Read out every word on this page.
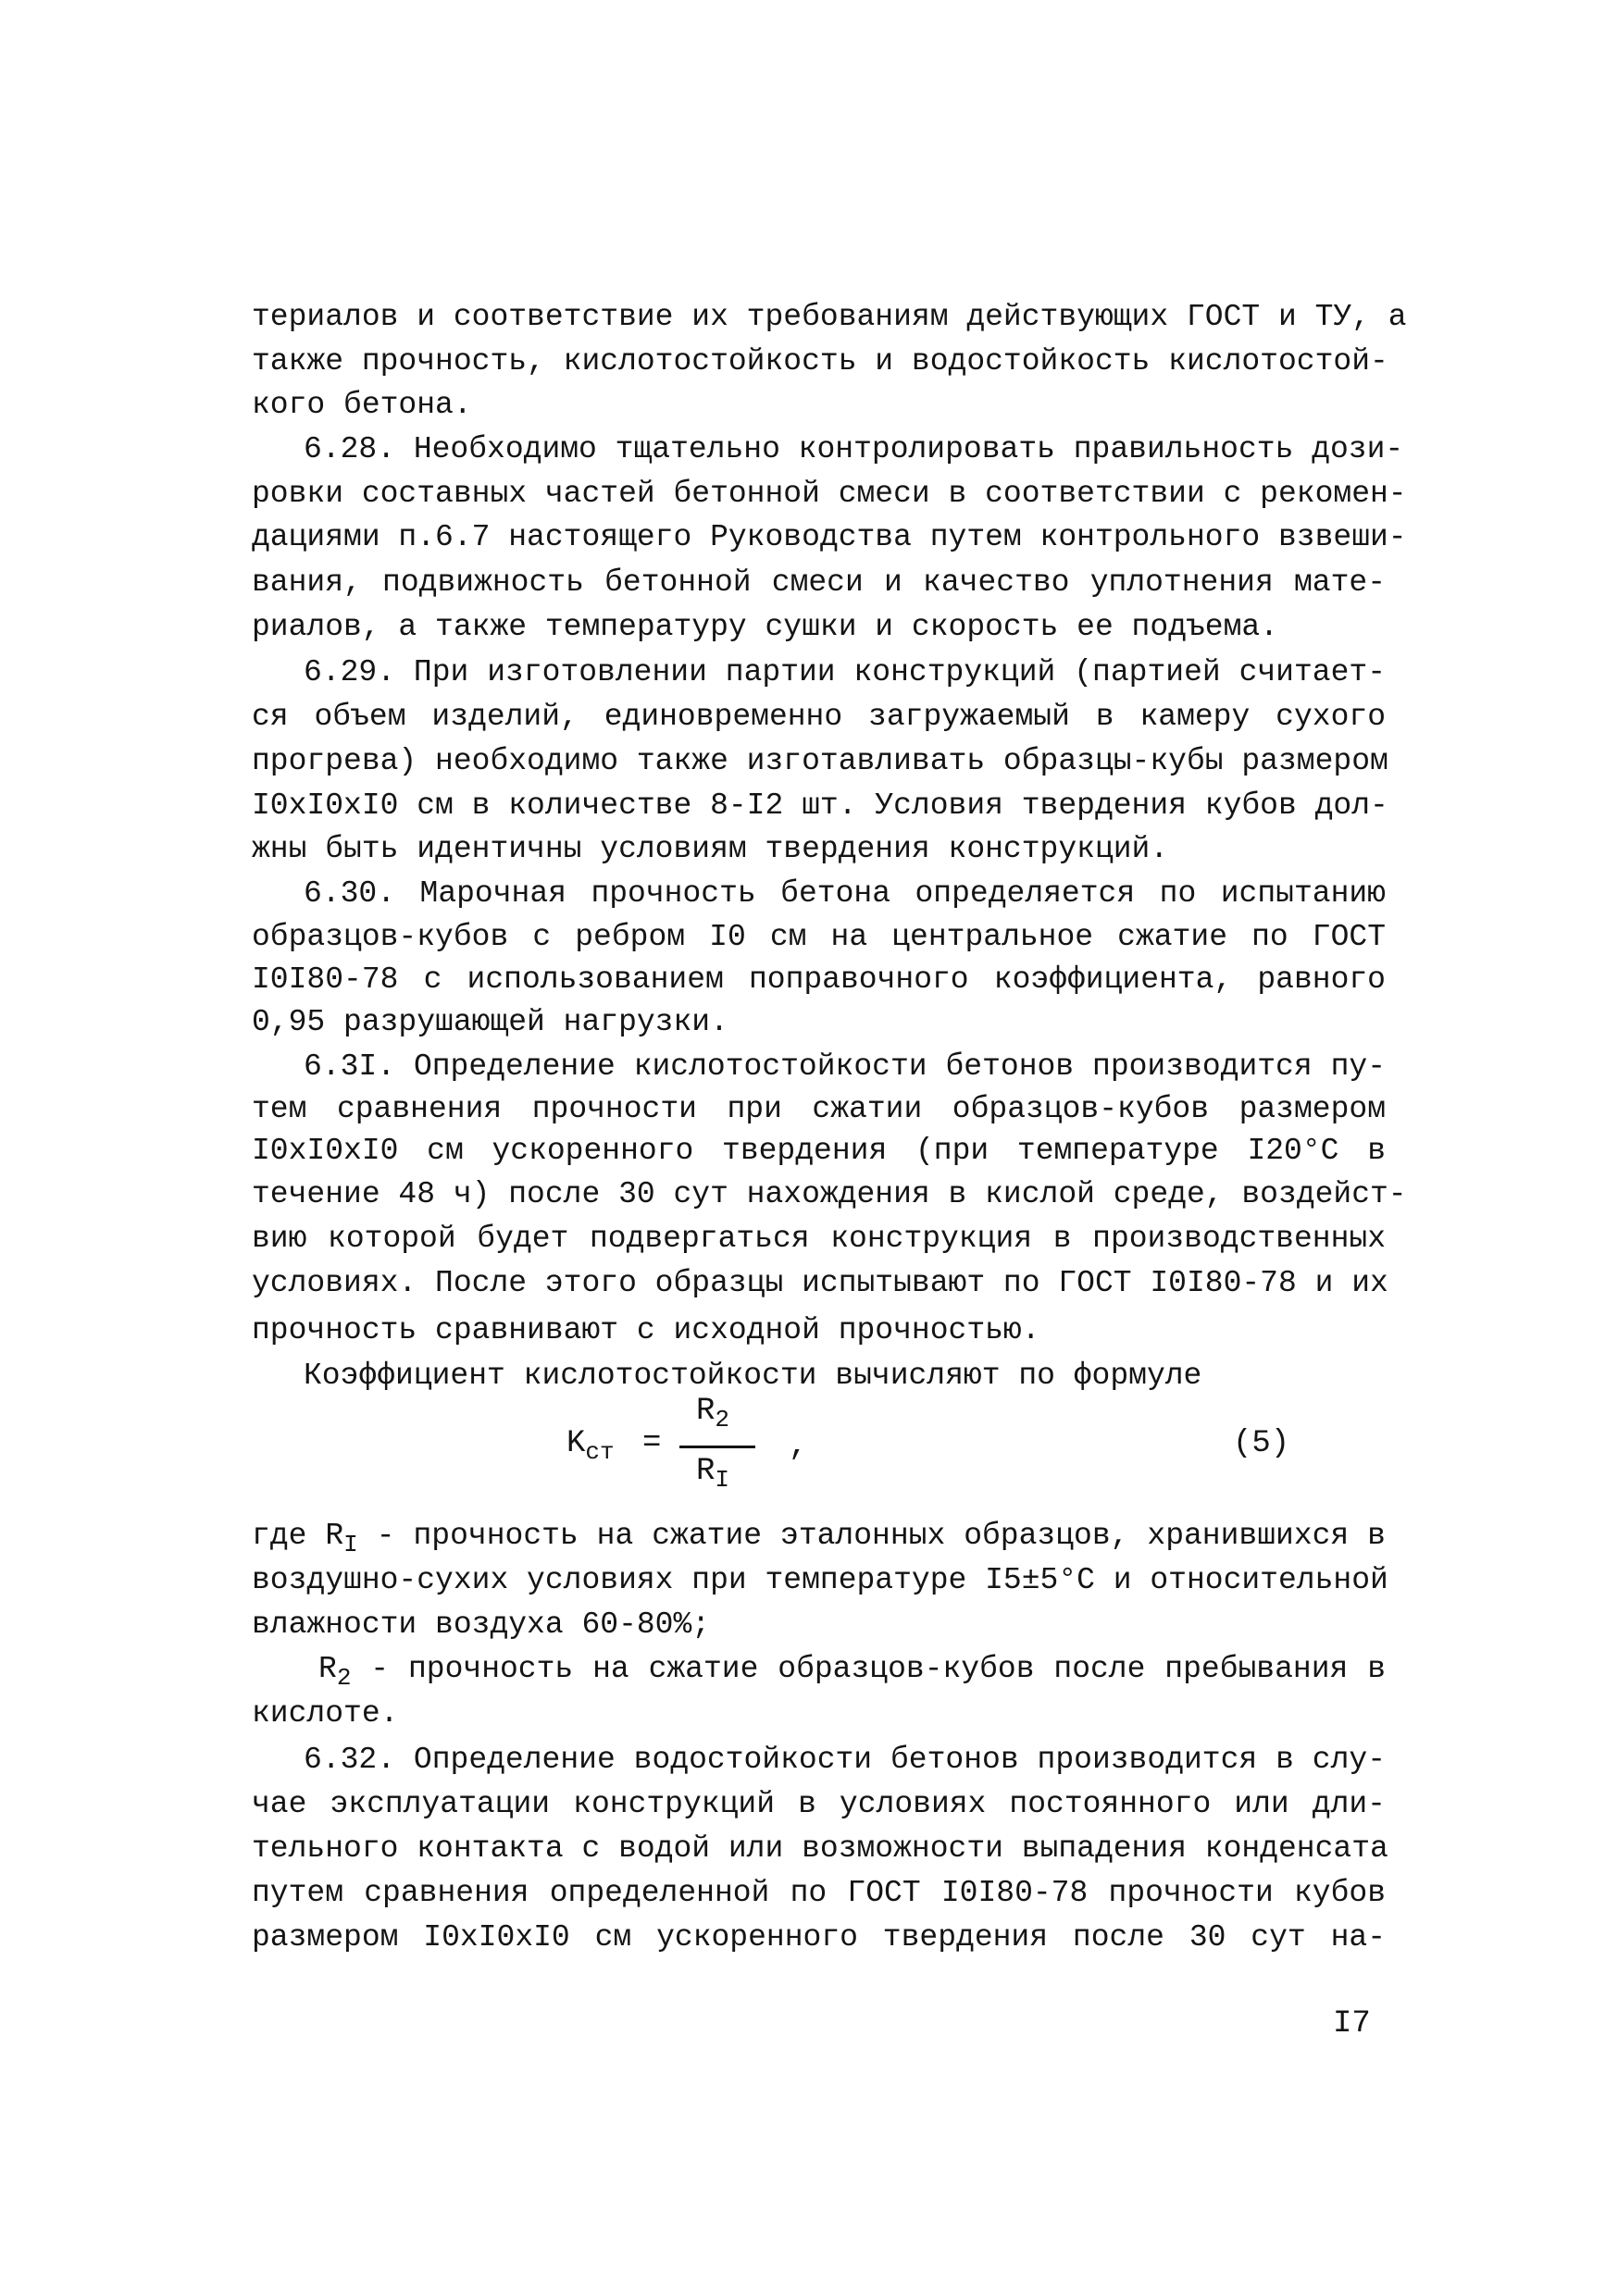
териалов и соответствие их требованиям действующих ГОСТ и ТУ, а
также прочность, кислотостойкость и водостойкость кислотостой-
кого бетона.
6.28. Необходимо тщательно контролировать правильность дози-
ровки составных частей бетонной смеси в соответствии с рекомен-
дациями п.6.7 настоящего Руководства путем контрольного взвеши-
вания, подвижность бетонной смеси и качество уплотнения мате-
риалов, а также температуру сушки и скорость ее подъема.
6.29. При изготовлении партии конструкций (партией считает-
ся объем изделий, единовременно загружаемый в камеру сухого
прогрева) необходимо также изготавливать образцы-кубы размером
I0xI0xI0 см в количестве 8-I2 шт. Условия твердения кубов дол-
жны быть идентичны условиям твердения конструкций.
6.30. Марочная прочность бетона определяется по испытанию
образцов-кубов с ребром I0 см на центральное сжатие по ГОСТ
I0I80-78 с использованием поправочного коэффициента, равного
0,95 разрушающей нагрузки.
6.3I. Определение кислотостойкости бетонов производится пу-
тем сравнения прочности при сжатии образцов-кубов размером
I0xI0xI0 см ускоренного твердения (при температуре I20°С в
течение 48 ч) после 30 сут нахождения в кислой среде, воздейст-
вию которой будет подвергаться конструкция в производственных
условиях. После этого образцы испытывают по ГОСТ I0I80-78 и их
прочность сравнивают с исходной прочностью.
Коэффициент кислотостойкости вычисляют по формуле
$K_{ст}$ =
$R_2$
$R_I$
,	(5)
где $R_I$ - прочность на сжатие эталонных образцов, хранившихся в
воздушно-сухих условиях при температуре I5±5°С и относительной
влажности воздуха 60-80%;
$R_2$ - прочность на сжатие образцов-кубов после пребывания в
кислоте.
6.32. Определение водостойкости бетонов производится в слу-
чае эксплуатации конструкций в условиях постоянного или дли-
тельного контакта с водой или возможности выпадения конденсата
путем сравнения определенной по ГОСТ I0I80-78 прочности кубов
размером I0xI0xI0 см ускоренного твердения после 30 сут на-
I7
